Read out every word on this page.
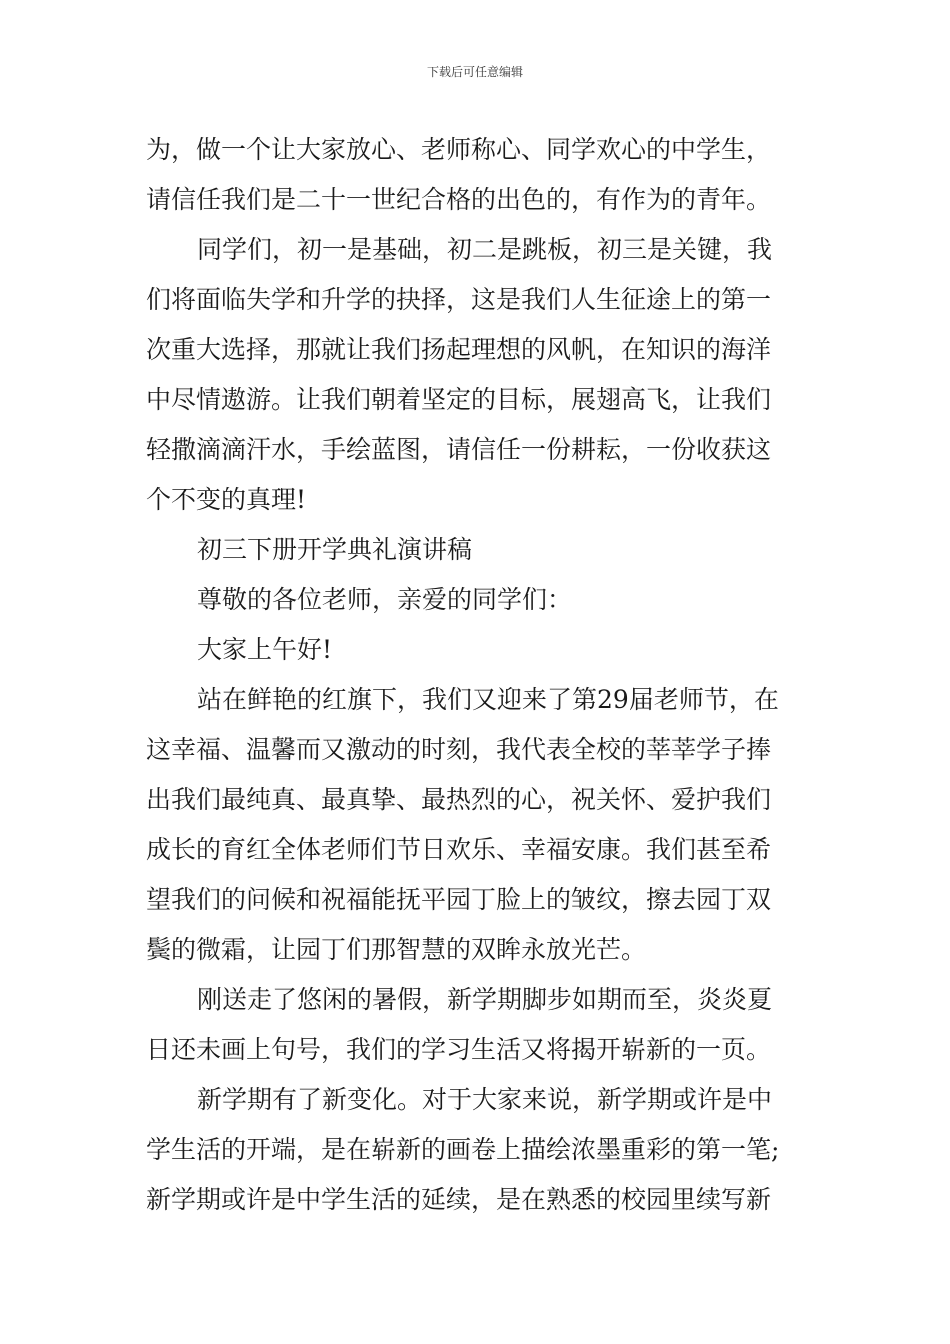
下载后可任意编辑
为，做一个让大家放心、老师称心、同学欢心的中学生，
请信任我们是二十一世纪合格的出色的，有作为的青年。
同学们，初一是基础，初二是跳板，初三是关键，我
们将面临失学和升学的抉择，这是我们人生征途上的第一
次重大选择，那就让我们扬起理想的风帆，在知识的海洋
中尽情遨游。让我们朝着坚定的目标，展翅高飞，让我们
轻撒滴滴汗水，手绘蓝图，请信任一份耕耘，一份收获这
个不变的真理!
初三下册开学典礼演讲稿
尊敬的各位老师，亲爱的同学们：
大家上午好!
站在鲜艳的红旗下，我们又迎来了第29届老师节，在
这幸福、温馨而又激动的时刻，我代表全校的莘莘学子捧
出我们最纯真、最真挚、最热烈的心，祝关怀、爱护我们
成长的育红全体老师们节日欢乐、幸福安康。我们甚至希
望我们的问候和祝福能抚平园丁脸上的皱纹，擦去园丁双
鬓的微霜，让园丁们那智慧的双眸永放光芒。
刚送走了悠闲的暑假，新学期脚步如期而至，炎炎夏
日还未画上句号，我们的学习生活又将揭开崭新的一页。
新学期有了新变化。对于大家来说，新学期或许是中
学生活的开端，是在崭新的画卷上描绘浓墨重彩的第一笔;
新学期或许是中学生活的延续，是在熟悉的校园里续写新
